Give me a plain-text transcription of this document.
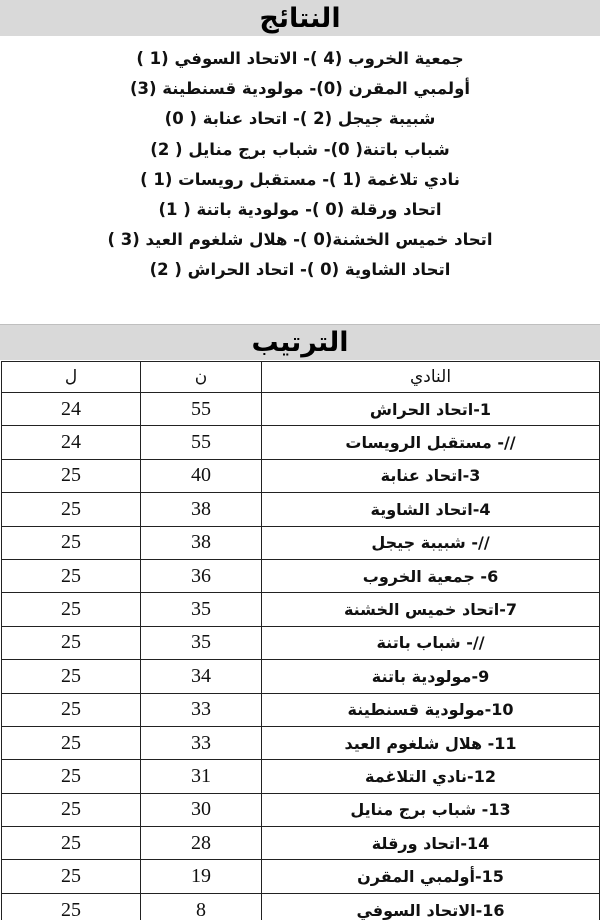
النتائج
جمعية الخروب (4 )- الاتحاد السوفي (1 )
أولمبي المقرن (0)- مولودية قسنطينة (3)
شبيبة جيجل (2 )- اتحاد عنابة ( 0)
شباب باتنة( 0)- شباب برج منايل ( 2)
نادي تلاغمة (1 )- مستقبل رويسات (1 )
اتحاد ورقلة (0 )- مولودية باتنة ( 1)
اتحاد خميس الخشنة(0 )- هلال شلغوم العيد (3 )
اتحاد الشاوية (0 )- اتحاد الحراش ( 2)
الترتيب
ل	ن	النادي
24	55	1-اتحاد الحراش
24	55	//- مستقبل الرويسات
25	40	3-اتحاد عنابة
25	38	4-اتحاد الشاوية
25	38	//- شبيبة جيجل
25	36	6- جمعية الخروب
25	35	7-اتحاد خميس الخشنة
25	35	//- شباب باتنة
25	34	9-مولودية باتنة
25	33	10-مولودية قسنطينة
25	33	11- هلال شلغوم العيد
25	31	12-نادي التلاغمة
25	30	13- شباب برج منايل
25	28	14-اتحاد ورقلة
25	19	15-أولمبي المقرن
25	8	16-الاتحاد السوفي
